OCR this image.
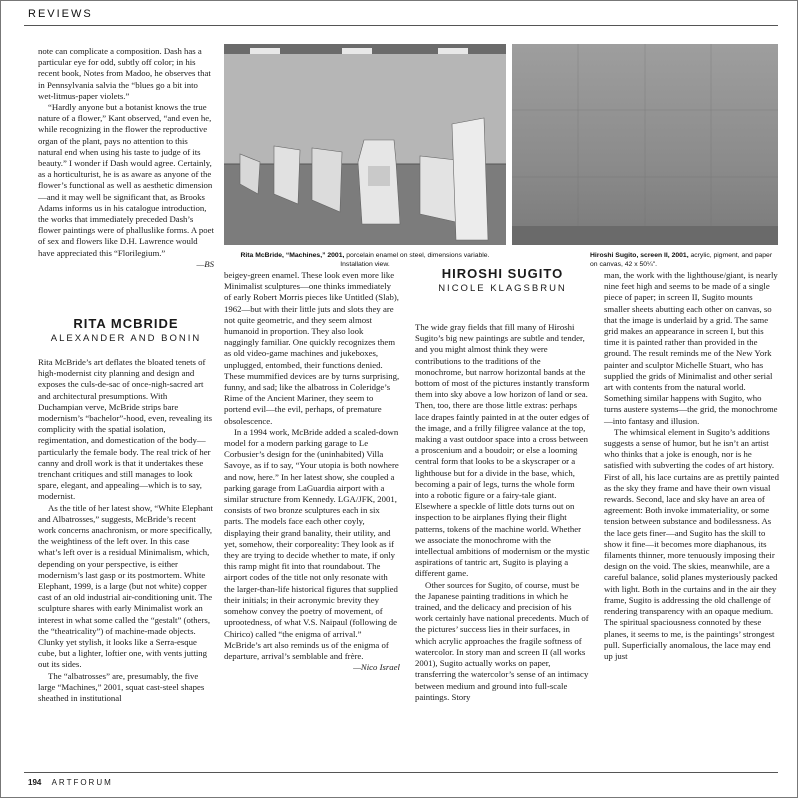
REVIEWS
Rita McBride, “Machines,” 2001, porcelain enamel on steel, dimensions variable. Installation view.
Hiroshi Sugito, screen II, 2001, acrylic, pigment, and paper on canvas, 42 x 50¼".

note can complicate a composition. Dash has a particular eye for odd, subtly off color; in his recent book, Notes from Madoo, he observes that in Pennsylvania salvia the “blues go a bit into wet-litmus-paper violets.”

“Hardly anyone but a botanist knows the true nature of a flower,” Kant observed, “and even he, while recognizing in the flower the reproductive organ of the plant, pays no attention to this natural end when using his taste to judge of its beauty.” I wonder if Dash would agree. Certainly, as a horticulturist, he is as aware as anyone of the flower’s functional as well as aesthetic dimension—and it may well be significant that, as Brooks Adams informs us in his catalogue introduction, the works that immediately preceded Dash’s flower paintings were of phalluslike forms. A poet of sex and flowers like D.H. Lawrence would have appreciated this “Florilegium.”

—BS

RITA MCBRIDE
ALEXANDER AND BONIN

Rita McBride’s art deflates the bloated tenets of high-modernist city planning and design and exposes the culs-de-sac of once-nigh-sacred art and architectural presumptions. With Duchampian verve, McBride strips bare modernism’s “bachelor”-hood, even, revealing its complicity with the spatial isolation, regimentation, and domestication of the body—particularly the female body. The real trick of her canny and droll work is that it undertakes these trenchant critiques and still manages to look spare, elegant, and appealing—which is to say, modernist.

As the title of her latest show, “White Elephant and Albatrosses,” suggests, McBride’s recent work concerns anachronism, or more specifically, the weightiness of the left over. In this case what’s left over is a residual Minimalism, which, depending on your perspective, is either modernism’s last gasp or its postmortem. White Elephant, 1999, is a large (but not white) copper cast of an old industrial air-conditioning unit. The sculpture shares with early Minimalist work an interest in what some called the “gestalt” (others, the “theatricality”) of machine-made objects. Clunky yet stylish, it looks like a Serra-esque cube, but a lighter, loftier one, with vents jutting out its sides.

The “albatrosses” are, presumably, the five large “Machines,” 2001, squat cast-steel shapes sheathed in institutional

beigey-green enamel. These look even more like Minimalist sculptures—one thinks immediately of early Robert Morris pieces like Untitled (Slab), 1962—but with their little juts and slots they are not quite geometric, and they seem almost humanoid in proportion. They also look naggingly familiar. One quickly recognizes them as old video-game machines and jukeboxes, unplugged, entombed, their functions denied. These mummified devices are by turns surprising, funny, and sad; like the albatross in Coleridge’s Rime of the Ancient Mariner, they seem to portend evil—the evil, perhaps, of premature obsolescence.

In a 1994 work, McBride added a scaled-down model for a modern parking garage to Le Corbusier’s design for the (uninhabited) Villa Savoye, as if to say, “Your utopia is both nowhere and now, here.” In her latest show, she coupled a parking garage from LaGuardia airport with a similar structure from Kennedy. LGA/JFK, 2001, consists of two bronze sculptures each in six parts. The models face each other coyly, displaying their grand banality, their utility, and yet, somehow, their corporeality: They look as if they are trying to decide whether to mate, if only this ramp might fit into that roundabout. The airport codes of the title not only resonate with the larger-than-life historical figures that supplied their initials; in their acronymic brevity they somehow convey the poetry of movement, of uprootedness, of what V.S. Naipaul (following de Chirico) called “the enigma of arrival.” McBride’s art also reminds us of the enigma of departure, arrival’s semblable and frère.

—Nico Israel

HIROSHI SUGITO
NICOLE KLAGSBRUN

The wide gray fields that fill many of Hiroshi Sugito’s big new paintings are subtle and tender, and you might almost think they were contributions to the traditions of the monochrome, but narrow horizontal bands at the bottom of most of the pictures instantly transform them into sky above a low horizon of land or sea. Then, too, there are those little extras: perhaps lace drapes faintly painted in at the outer edges of the image, and a frilly filigree valance at the top, making a vast outdoor space into a cross between a proscenium and a boudoir; or else a looming central form that looks to be a skyscraper or a lighthouse but for a divide in the base, which, becoming a pair of legs, turns the whole form into a robotic figure or a fairy-tale giant. Elsewhere a speckle of little dots turns out on inspection to be airplanes flying their flight patterns, tokens of the machine world. Whether we associate the monochrome with the intellectual ambitions of modernism or the mystic aspirations of tantric art, Sugito is playing a different game.

Other sources for Sugito, of course, must be the Japanese painting traditions in which he trained, and the delicacy and precision of his work certainly have national precedents. Much of the pictures’ success lies in their surfaces, in which acrylic approaches the fragile softness of watercolor. In story man and screen II (all works 2001), Sugito actually works on paper, transferring the watercolor’s sense of an intimacy between medium and ground into full-scale paintings. Story

man, the work with the lighthouse/giant, is nearly nine feet high and seems to be made of a single piece of paper; in screen II, Sugito mounts smaller sheets abutting each other on canvas, so that the image is underlaid by a grid. The same grid makes an appearance in screen I, but this time it is painted rather than provided in the ground. The result reminds me of the New York painter and sculptor Michelle Stuart, who has supplied the grids of Minimalist and other serial art with contents from the natural world. Something similar happens with Sugito, who turns austere systems—the grid, the monochrome—into fantasy and illusion.

The whimsical element in Sugito’s additions suggests a sense of humor, but he isn’t an artist who thinks that a joke is enough, nor is he satisfied with subverting the codes of art history. First of all, his lace curtains are as prettily painted as the sky they frame and have their own visual rewards. Second, lace and sky have an area of agreement: Both invoke immateriality, or some tension between substance and bodilessness. As the lace gets finer—and Sugito has the skill to show it fine—it becomes more diaphanous, its filaments thinner, more tenuously imposing their design on the void. The skies, meanwhile, are a careful balance, solid planes mysteriously packed with light. Both in the curtains and in the air they frame, Sugito is addressing the old challenge of rendering transparency with an opaque medium. The spiritual spaciousness connoted by these planes, it seems to me, is the paintings’ strongest pull. Superficially anomalous, the lace may end up just

194 ARTFORUM
